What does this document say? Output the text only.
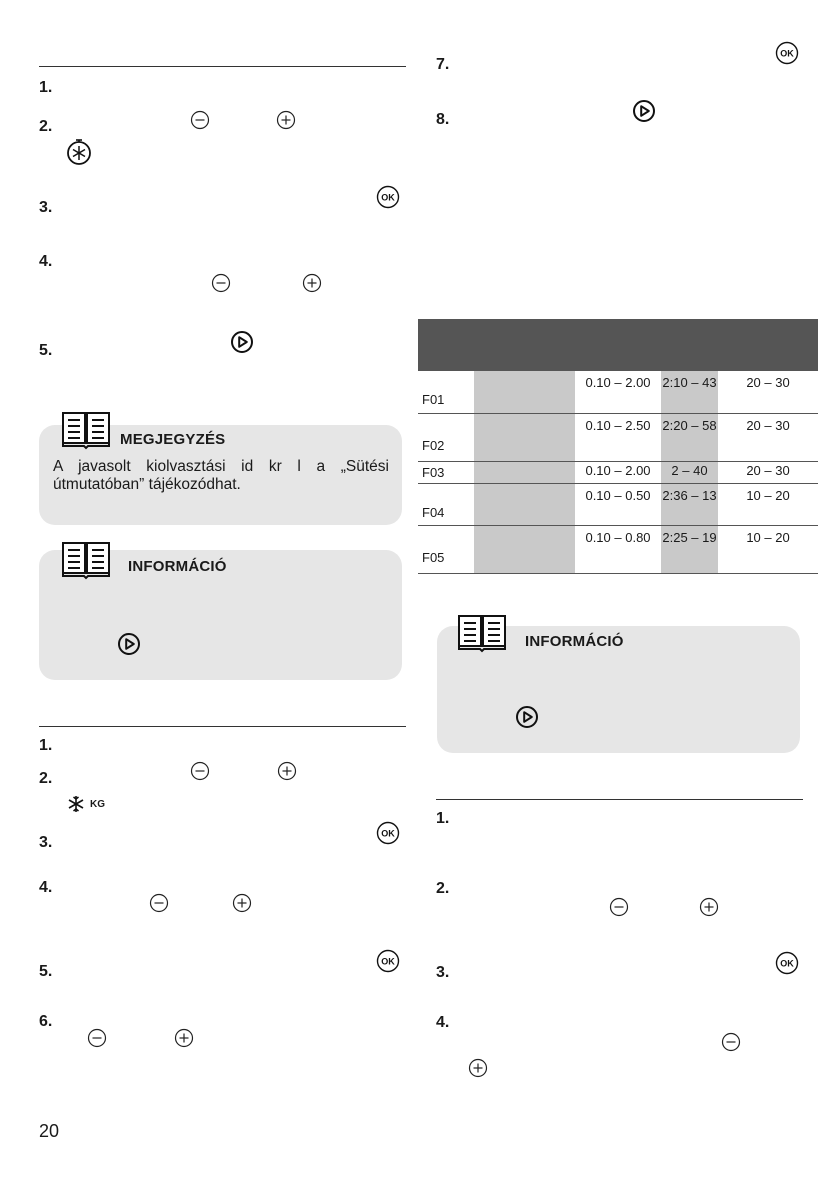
1.
2.
3.
OK
4.
5.
MEGJEGYZÉS
A javasolt kiolvasztási id kr l a „Sütési útmutatóban” tájékozódhat.
INFORMÁCIÓ
1.
2.
KG
3.
OK
4.
5.
OK
6.
20
7.
OK
8.
F01		0.10 – 2.00	2:10 – 43	20 – 30
F02		0.10 – 2.50	2:20 – 58	20 – 30
F03		0.10 – 2.00	2 – 40	20 – 30
F04		0.10 – 0.50	2:36 – 13	10 – 20
F05		0.10 – 0.80	2:25 – 19	10 – 20
INFORMÁCIÓ
1.
2.
3.
OK
4.
